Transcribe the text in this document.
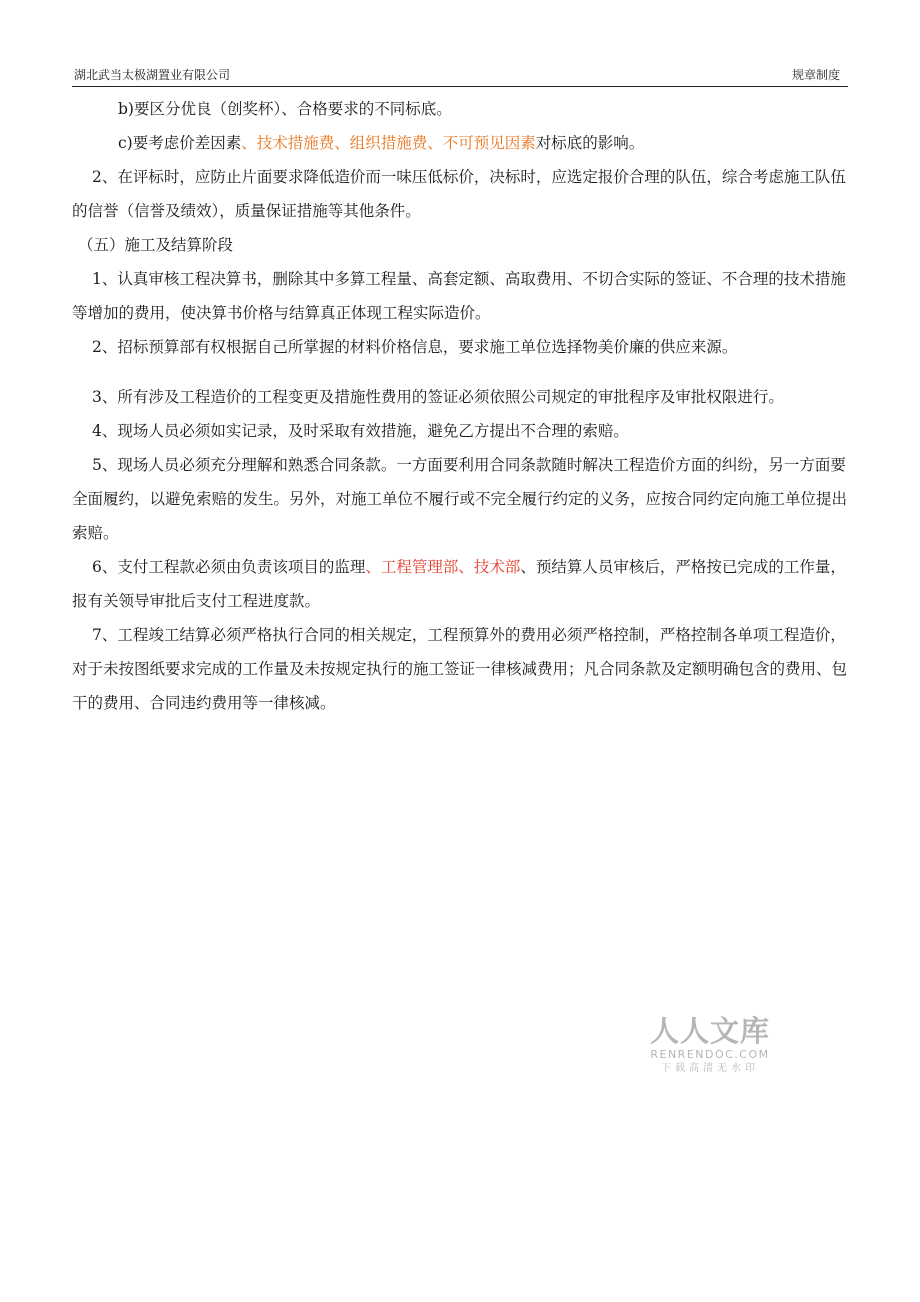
湖北武当太极湖置业有限公司	规章制度

b)要区分优良（创奖杯）、合格要求的不同标底。

c)要考虑价差因素、技术措施费、组织措施费、不可预见因素对标底的影响。

2、在评标时，应防止片面要求降低造价而一味压低标价，决标时，应选定报价合理的队伍，综合考虑施工队伍的信誉（信誉及绩效），质量保证措施等其他条件。

（五）施工及结算阶段

1、认真审核工程决算书，删除其中多算工程量、高套定额、高取费用、不切合实际的签证、不合理的技术措施等增加的费用，使决算书价格与结算真正体现工程实际造价。

2、招标预算部有权根据自己所掌握的材料价格信息，要求施工单位选择物美价廉的供应来源。

3、所有涉及工程造价的工程变更及措施性费用的签证必须依照公司规定的审批程序及审批权限进行。

4、现场人员必须如实记录，及时采取有效措施，避免乙方提出不合理的索赔。

5、现场人员必须充分理解和熟悉合同条款。一方面要利用合同条款随时解决工程造价方面的纠纷，另一方面要全面履约，以避免索赔的发生。另外，对施工单位不履行或不完全履行约定的义务，应按合同约定向施工单位提出索赔。

6、支付工程款必须由负责该项目的监理、工程管理部、技术部、预结算人员审核后，严格按已完成的工作量，报有关领导审批后支付工程进度款。

7、工程竣工结算必须严格执行合同的相关规定，工程预算外的费用必须严格控制，严格控制各单项工程造价，对于未按图纸要求完成的工作量及未按规定执行的施工签证一律核减费用；凡合同条款及定额明确包含的费用、包干的费用、合同违约费用等一律核减。

人人文库
RENRENDOC.COM
下载高清无水印
